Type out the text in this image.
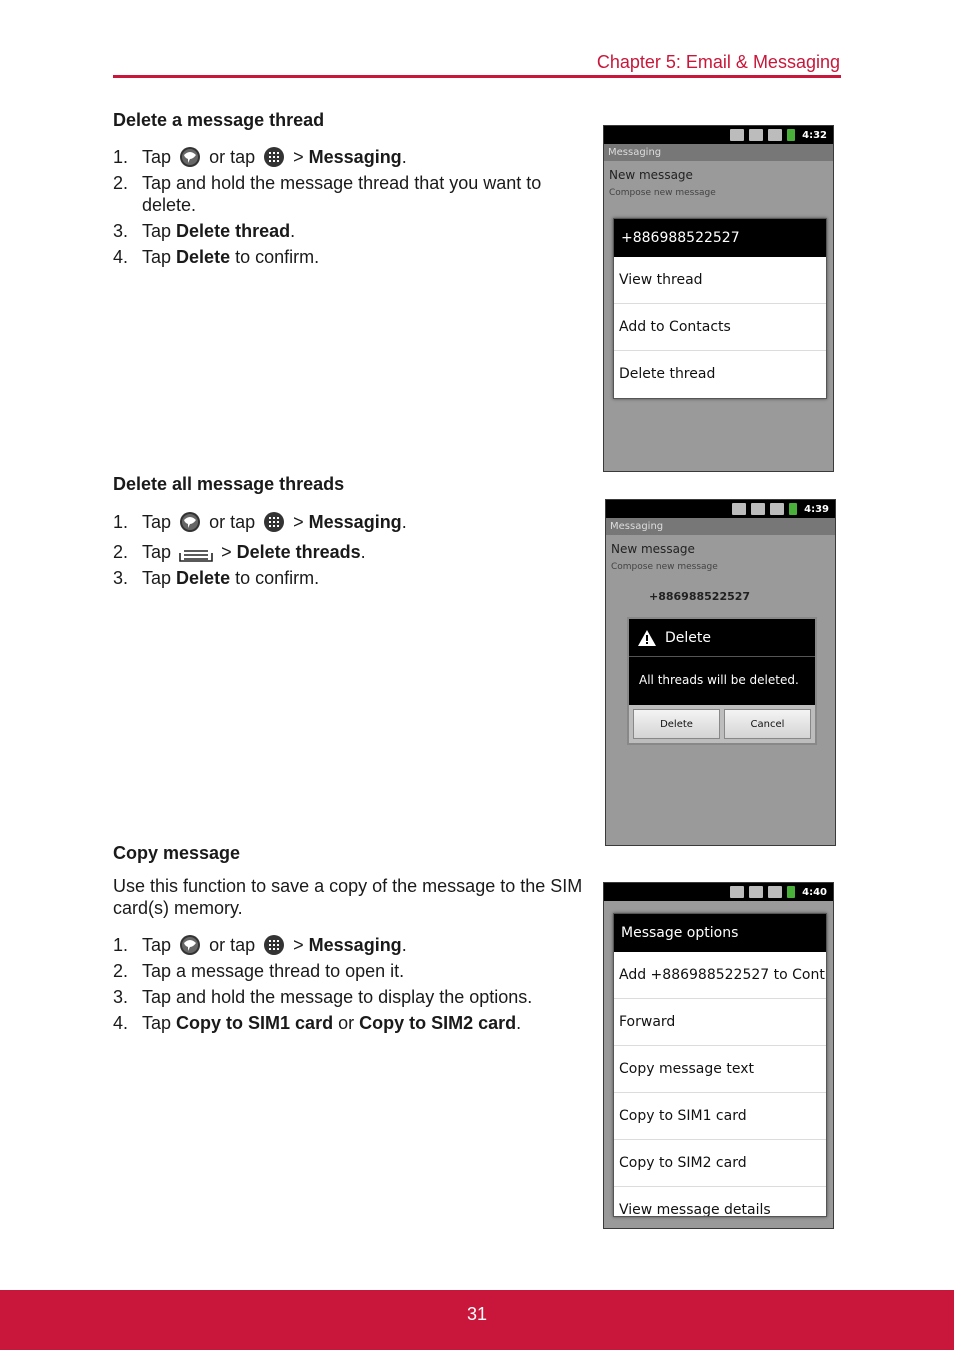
Chapter 5: Email & Messaging
Delete a message thread
1. Tap or tap > Messaging.
2. Tap and hold the message thread that you want to delete.
3. Tap Delete thread.
4. Tap Delete to confirm.
4:32
Messaging
New message
Compose new message
+886988522527
View thread
Add to Contacts
Delete thread
Delete all message threads
1. Tap or tap > Messaging.
2. Tap	> Delete threads.
3. Tap Delete to confirm.
4:39
Messaging
New message
Compose new message
+886988522527
Delete
All threads will be deleted.
Delete	Cancel
Copy message
Use this function to save a copy of the message to the SIM card(s) memory.
1. Tap or tap > Messaging.
2. Tap a message thread to open it.
3. Tap and hold the message to display the options.
4. Tap Copy to SIM1 card or Copy to SIM2 card.
4:40
Message options
Add +886988522527 to Cont
Forward
Copy message text
Copy to SIM1 card
Copy to SIM2 card
View message details
31
